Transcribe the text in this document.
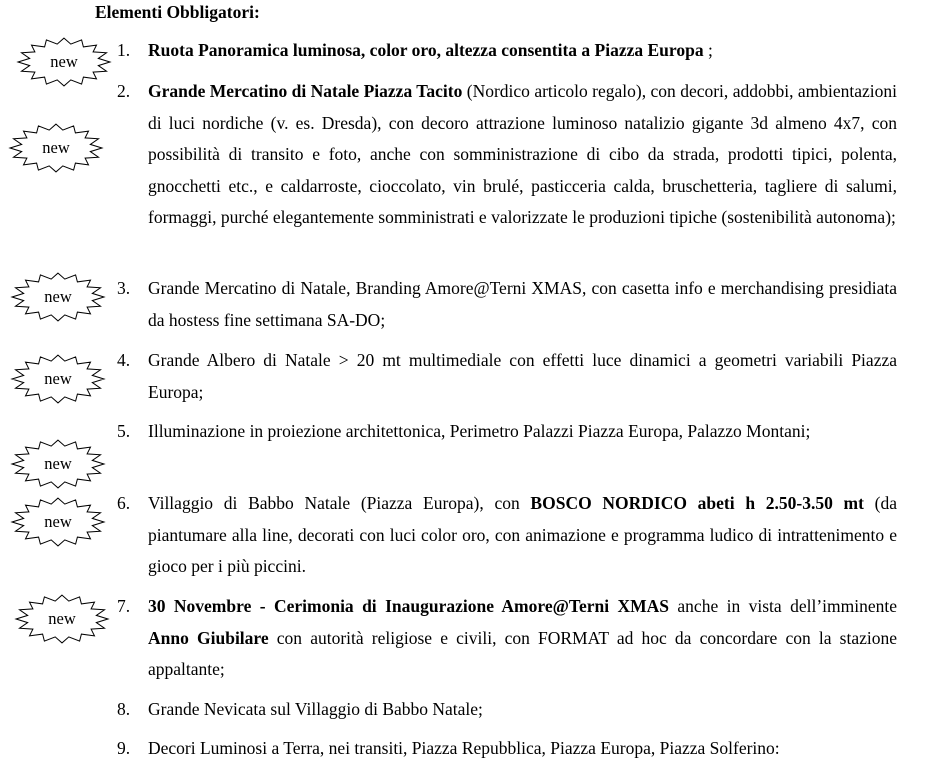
Elementi Obbligatori:
1.	Ruota Panoramica luminosa, color oro, altezza consentita a Piazza Europa ;
2.	Grande Mercatino di Natale Piazza Tacito (Nordico articolo regalo), con decori, addobbi, ambientazioni di luci nordiche (v. es. Dresda), con decoro attrazione luminoso natalizio gigante 3d almeno 4x7, con possibilità di transito e foto, anche con somministrazione di cibo da strada, prodotti tipici, polenta, gnocchetti etc., e caldarroste, cioccolato, vin brulé, pasticceria calda, bruschetteria, tagliere di salumi, formaggi, purché elegantemente somministrati e valorizzate le produzioni tipiche (sostenibilità autonoma);
3.	Grande Mercatino di Natale, Branding Amore@Terni XMAS, con casetta info e merchandising presidiata da hostess fine settimana SA-DO;
4.	Grande Albero di Natale > 20 mt multimediale con effetti luce dinamici a geometri variabili Piazza Europa;
5.	Illuminazione in proiezione architettonica, Perimetro Palazzi Piazza Europa, Palazzo Montani;
6.	Villaggio di Babbo Natale (Piazza Europa), con BOSCO NORDICO abeti h 2.50-3.50 mt (da piantumare alla line, decorati con luci color oro, con animazione e programma ludico di intrattenimento e gioco per i più piccini.
7.	30 Novembre - Cerimonia di Inaugurazione Amore@Terni XMAS anche in vista dell’imminente Anno Giubilare con autorità religiose e civili, con FORMAT ad hoc da concordare con la stazione appaltante;
8.	Grande Nevicata sul Villaggio di Babbo Natale;
9.	Decori Luminosi a Terra, nei transiti, Piazza Repubblica, Piazza Europa, Piazza Solferino:
new
new
new
new
new
new
new
